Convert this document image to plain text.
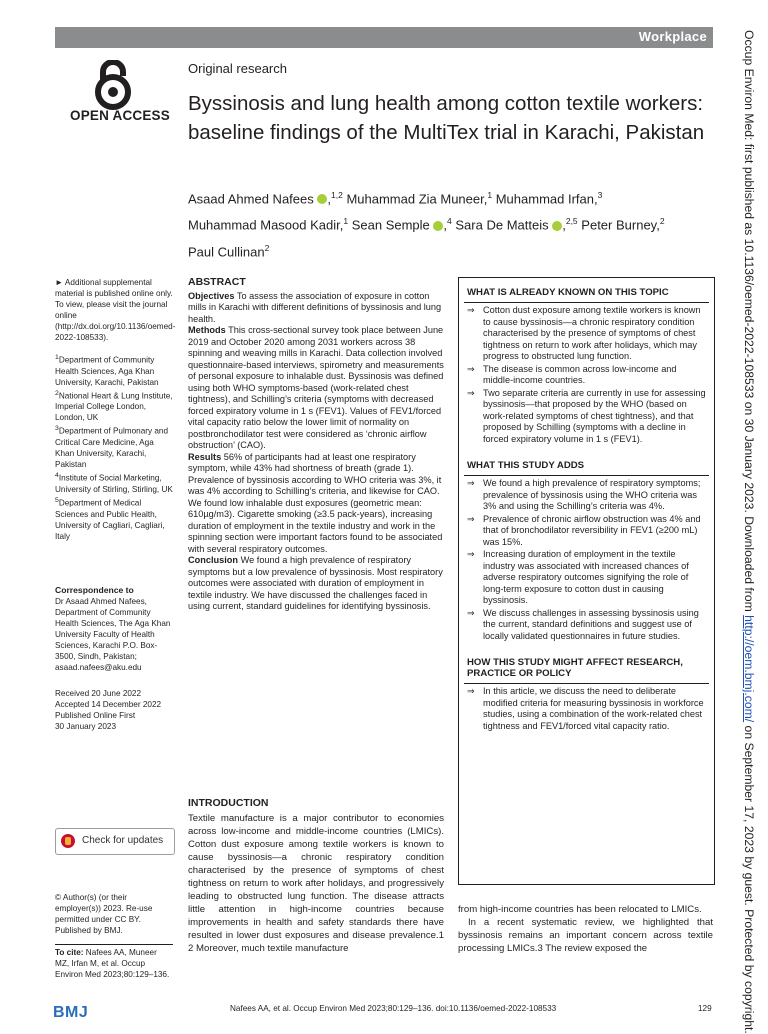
Workplace	Occup Environ Med: first published as 10.1136/oemed-2022-108533 on 30 January 2023. Downloaded from http://oem.bmj.com/ on September 17, 2023 by guest. Protected by copyright.
OPEN ACCESS
Original research
Byssinosis and lung health among cotton textile workers: baseline findings of the MultiTex trial in Karachi, Pakistan
Asaad Ahmed Nafees ,$^{1,2}$ Muhammad Zia Muneer,$^1$ Muhammad Irfan,$^3$
Muhammad Masood Kadir,$^1$ Sean Semple ,$^4$ Sara De Matteis ,$^{2,5}$ Peter Burney,$^2$
Paul Cullinan$^2$

► Additional supplemental material is published online only. To view, please visit the journal online (http://dx.doi.org/10.1136/oemed-2022-108533).

$^1$Department of Community Health Sciences, Aga Khan University, Karachi, Pakistan

$^2$National Heart & Lung Institute, Imperial College London, London, UK

$^3$Department of Pulmonary and Critical Care Medicine, Aga Khan University, Karachi, Pakistan

$^4$Institute of Social Marketing, University of Stirling, Stirling, UK

$^5$Department of Medical Sciences and Public Health, University of Cagliari, Cagliari, Italy

Correspondence to

Dr Asaad Ahmed Nafees, Department of Community Health Sciences, The Aga Khan University Faculty of Health Sciences, Karachi P.O. Box-3500, Sindh, Pakistan; asaad.nafees@aku.edu

Received 20 June 2022

Accepted 14 December 2022

Published Online First

30 January 2023

Check for updates

© Author(s) (or their employer(s)) 2023. Re-use permitted under CC BY. Published by BMJ.

To cite: Nafees AA, Muneer MZ, Irfan M, et al. Occup Environ Med 2023;80:129–136.

ABSTRACT

Objectives To assess the association of exposure in cotton mills in Karachi with different definitions of byssinosis and lung health.

Methods This cross-sectional survey took place between June 2019 and October 2020 among 2031 workers across 38 spinning and weaving mills in Karachi. Data collection involved questionnaire-based interviews, spirometry and measurements of personal exposure to inhalable dust. Byssinosis was defined using both WHO symptoms-based (work-related chest tightness), and Schilling’s criteria (symptoms with decreased forced expiratory volume in 1 s (FEV1). Values of FEV1/forced vital capacity ratio below the lower limit of normality on postbronchodilator test were considered as ‘chronic airflow obstruction’ (CAO).

Results 56% of participants had at least one respiratory symptom, while 43% had shortness of breath (grade 1). Prevalence of byssinosis according to WHO criteria was 3%, it was 4% according to Schilling’s criteria, and likewise for CAO. We found low inhalable dust exposures (geometric mean: 610µg/m3). Cigarette smoking (≥3.5 pack-years), increasing duration of employment in the textile industry and work in the spinning section were important factors found to be associated with several respiratory outcomes.

Conclusion We found a high prevalence of respiratory symptoms but a low prevalence of byssinosis. Most respiratory outcomes were associated with duration of employment in textile industry. We have discussed the challenges faced in using current, standard guidelines for identifying byssinosis.

WHAT IS ALREADY KNOWN ON THIS TOPIC
⇒ Cotton dust exposure among textile workers is known to cause byssinosis—a chronic respiratory condition characterised by the presence of symptoms of chest tightness on return to work after holidays, which may progress to obstructed lung function.
⇒ The disease is common across low-income and middle-income countries.
⇒ Two separate criteria are currently in use for assessing byssinosis—that proposed by the WHO (based on work-related symptoms of chest tightness), and that proposed by Schilling (symptoms with a decline in forced expiratory volume in 1 s (FEV1).
WHAT THIS STUDY ADDS
⇒ We found a high prevalence of respiratory symptoms; prevalence of byssinosis using the WHO criteria was 3% and using the Schilling’s criteria was 4%.
⇒ Prevalence of chronic airflow obstruction was 4% and that of bronchodilator reversibility in FEV1 (≥200 mL) was 15%.
⇒ Increasing duration of employment in the textile industry was associated with increased chances of adverse respiratory outcomes signifying the role of long-term exposure to cotton dust in causing byssinosis.
⇒ We discuss challenges in assessing byssinosis using the current, standard definitions and suggest use of locally validated questionnaires in future studies.
HOW THIS STUDY MIGHT AFFECT RESEARCH, PRACTICE OR POLICY
⇒ In this article, we discuss the need to deliberate modified criteria for measuring byssinosis in workforce studies, using a combination of the work-related chest tightness and FEV1/forced vital capacity ratio.
INTRODUCTION

Textile manufacture is a major contributor to economies across low-income and middle-income countries (LMICs). Cotton dust exposure among textile workers is known to cause byssinosis—a chronic respiratory condition characterised by the presence of symptoms of chest tightness on return to work after holidays, and progressively leading to obstructed lung function. The disease attracts little attention in high-income countries because improvements in health and safety standards there have resulted in lower dust exposures and disease prevalence.1 2 Moreover, much textile manufacture

from high-income countries has been relocated to LMICs.

In a recent systematic review, we highlighted that byssinosis remains an important concern across textile processing LMICs.3 The review exposed the

BMJ	Nafees AA, et al. Occup Environ Med 2023;80:129–136. doi:10.1136/oemed-2022-108533	129
